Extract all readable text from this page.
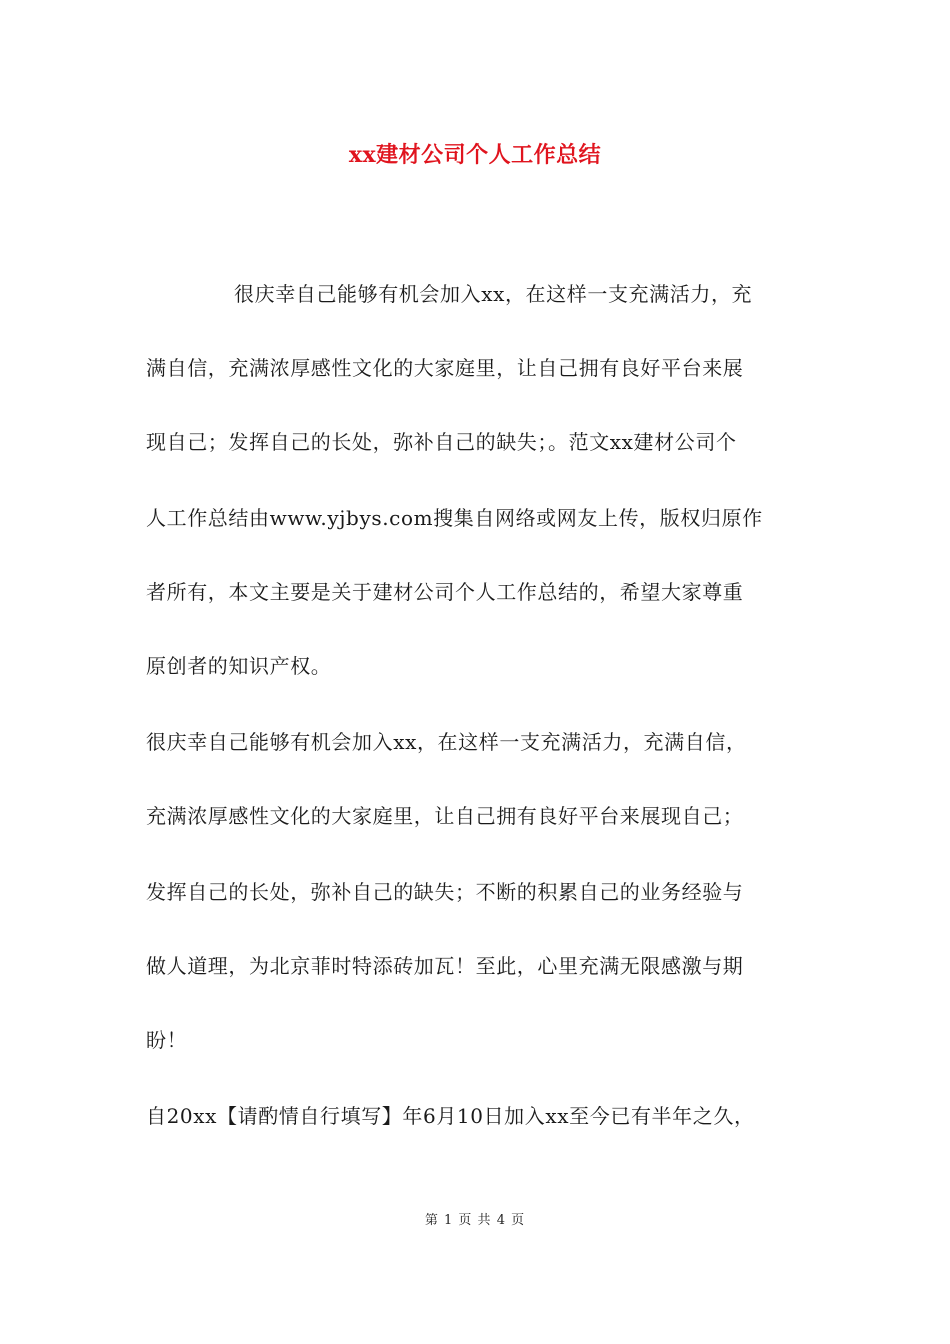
xx建材公司个人工作总结
很庆幸自己能够有机会加入xx，在这样一支充满活力，充
满自信，充满浓厚感性文化的大家庭里，让自己拥有良好平台来展
现自己；发挥自己的长处，弥补自己的缺失；。范文xx建材公司个
人工作总结由www.yjbys.com搜集自网络或网友上传，版权归原作
者所有，本文主要是关于建材公司个人工作总结的，希望大家尊重
原创者的知识产权。
很庆幸自己能够有机会加入xx，在这样一支充满活力，充满自信，
充满浓厚感性文化的大家庭里，让自己拥有良好平台来展现自己；
发挥自己的长处，弥补自己的缺失；不断的积累自己的业务经验与
做人道理，为北京菲时特添砖加瓦！至此，心里充满无限感激与期
盼！
自20xx【请酌情自行填写】年6月10日加入xx至今已有半年之久，
第 1 页 共 4 页
